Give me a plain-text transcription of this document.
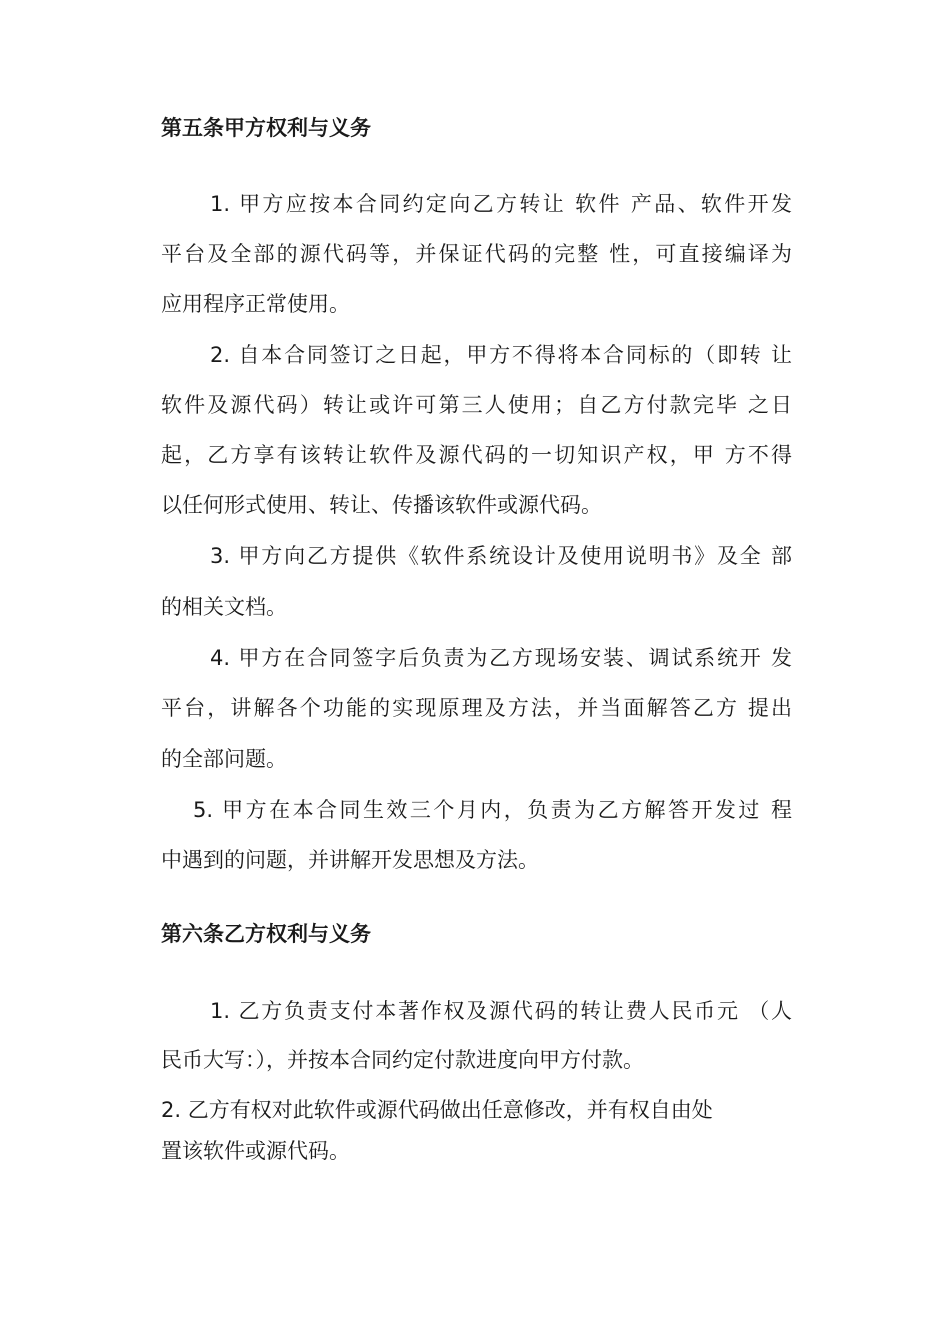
第五条甲方权利与义务

1. 甲方应按本合同约定向乙方转让 软件 产品、软件开发

平台及全部的源代码等，并保证代码的完整 性，可直接编译为

应用程序正常使用。

2. 自本合同签订之日起，甲方不得将本合同标的（即转 让

软件及源代码）转让或许可第三人使用；自乙方付款完毕 之日

起，乙方享有该转让软件及源代码的一切知识产权，甲 方不得

以任何形式使用、转让、传播该软件或源代码。

3. 甲方向乙方提供《软件系统设计及使用说明书》及全 部

的相关文档。

4. 甲方在合同签字后负责为乙方现场安装、调试系统开 发

平台，讲解各个功能的实现原理及方法，并当面解答乙方 提出

的全部问题。

5. 甲方在本合同生效三个月内，负责为乙方解答开发过 程

中遇到的问题，并讲解开发思想及方法。

第六条乙方权利与义务

1. 乙方负责支付本著作权及源代码的转让费人民币元 （人

民币大写：），并按本合同约定付款进度向甲方付款。

2. 乙方有权对此软件或源代码做出任意修改，并有权自由处

置该软件或源代码。
